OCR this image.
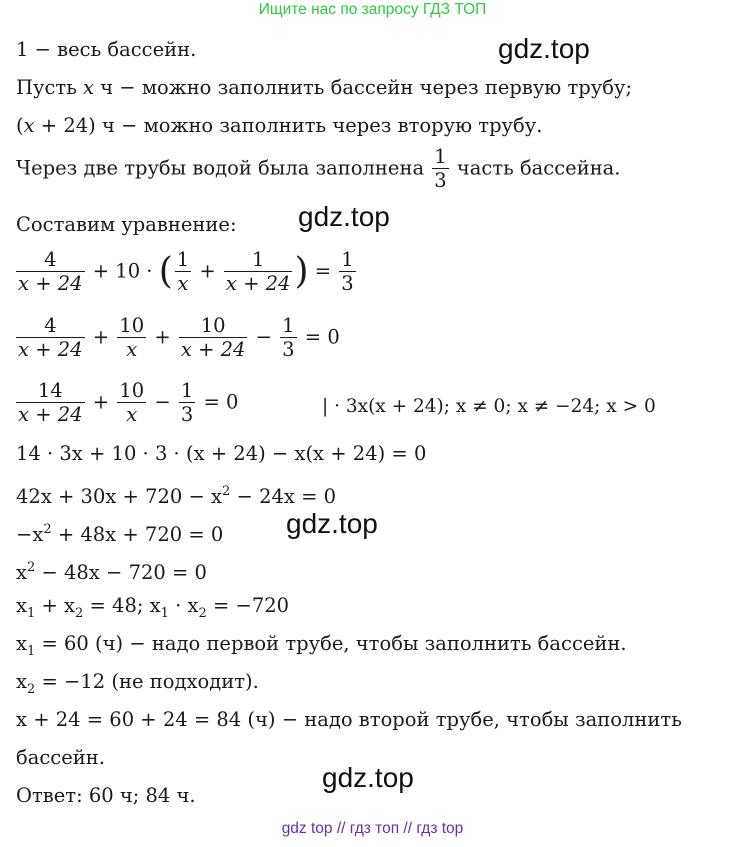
Ищите нас по запросу ГДЗ ТОП
gdz.top
gdz.top
gdz.top
gdz.top
1 − весь бассейн.
Пусть x ч − можно заполнить бассейн через первую трубу;
(x + 24) ч − можно заполнить через вторую трубу.
Через две трубы водой была заполнена $\frac{1}{3}$ часть бассейна.
Составим уравнение:
$\frac{4}{x + 24} + 10$ · ( $\frac{1}{x} + \frac{1}{x + 24}$ ) = $\frac{1}{3}$
$\frac{4}{x + 24} + \frac{10}{x} + \frac{10}{x + 24} - \frac{1}{3} = 0$
$\frac{14}{x + 24} + \frac{10}{x} - \frac{1}{3} = 0$	| · 3x(x + 24); x ≠ 0; x ≠ −24; x > 0
14 · 3x + 10 · 3 · (x + 24) − x(x + 24) = 0
$42x + 30x + 720 - x^2 - 24x = 0$
$-x^2 + 48x + 720 = 0$
$x^2 - 48x - 720 = 0$
$x_1 + x_2 = 48$; $x_1 \cdot x_2 = -720$
$x_1 = 60$ (ч) − надо первой трубе, чтобы заполнить бассейн.
$x_2 = -12$ (не подходит).
x + 24 = 60 + 24 = 84 (ч) − надо второй трубе, чтобы заполнить
бассейн.
Ответ: 60 ч; 84 ч.
gdz top // гдз топ // гдз top
